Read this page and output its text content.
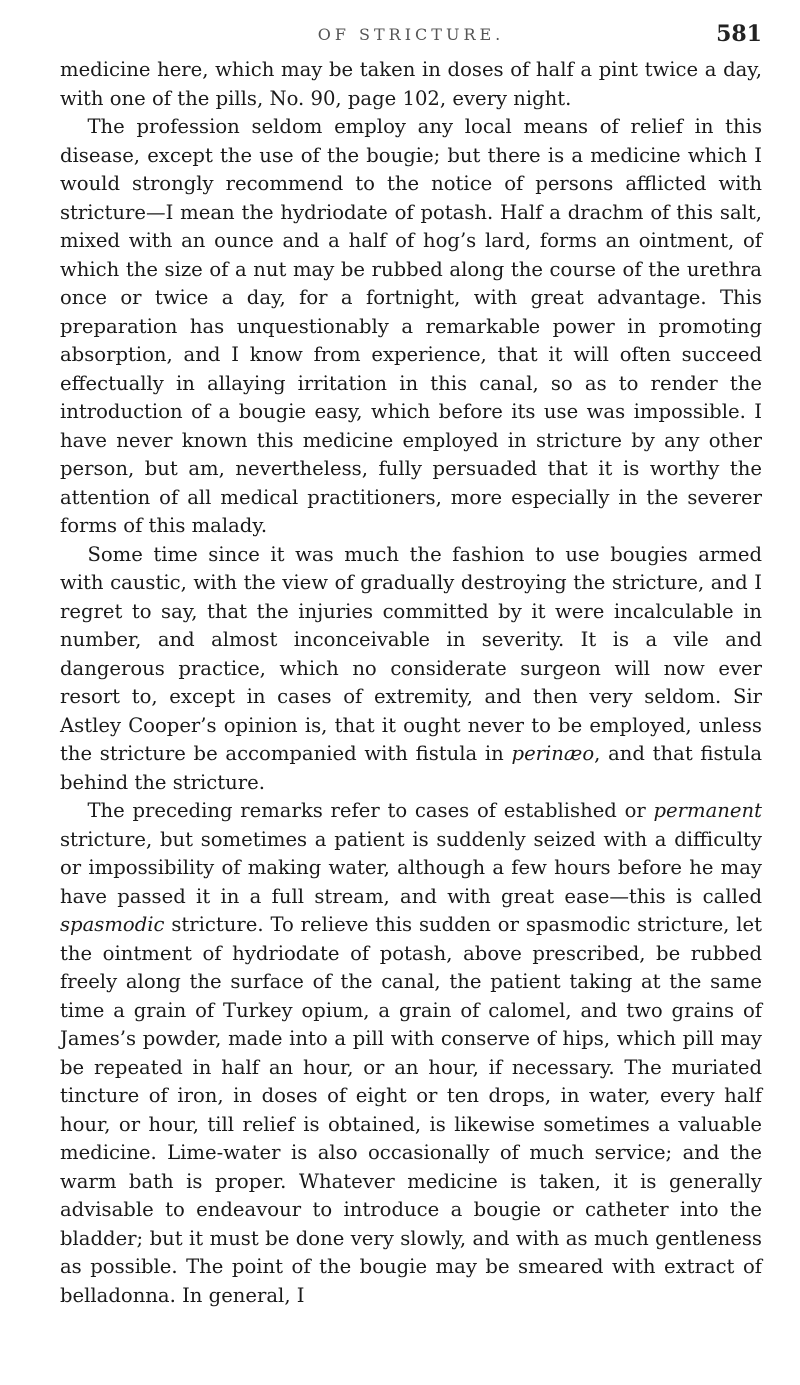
OF STRICTURE.	581

medicine here, which may be taken in doses of half a pint twice a day, with one of the pills, No. 90, page 102, every night.

The profession seldom employ any local means of relief in this disease, except the use of the bougie; but there is a medicine which I would strongly recommend to the notice of persons afflicted with stricture—I mean the hydriodate of potash. Half a drachm of this salt, mixed with an ounce and a half of hog’s lard, forms an ointment, of which the size of a nut may be rubbed along the course of the urethra once or twice a day, for a fortnight, with great advantage. This preparation has unquestionably a remarkable power in promoting absorption, and I know from experience, that it will often succeed effectually in allaying irritation in this canal, so as to render the introduction of a bougie easy, which before its use was impossible. I have never known this medicine employed in stricture by any other person, but am, nevertheless, fully persuaded that it is worthy the attention of all medical practitioners, more especially in the severer forms of this malady.

Some time since it was much the fashion to use bougies armed with caustic, with the view of gradually destroying the stricture, and I regret to say, that the injuries committed by it were incalculable in number, and almost inconceivable in severity. It is a vile and dangerous practice, which no considerate surgeon will now ever resort to, except in cases of extremity, and then very seldom. Sir Astley Cooper’s opinion is, that it ought never to be employed, unless the stricture be accompanied with fistula in perinæo, and that fistula behind the stricture.

The preceding remarks refer to cases of established or permanent stricture, but sometimes a patient is suddenly seized with a difficulty or impossibility of making water, although a few hours before he may have passed it in a full stream, and with great ease—this is called spasmodic stricture. To relieve this sudden or spasmodic stricture, let the ointment of hydriodate of potash, above prescribed, be rubbed freely along the surface of the canal, the patient taking at the same time a grain of Turkey opium, a grain of calomel, and two grains of James’s powder, made into a pill with conserve of hips, which pill may be repeated in half an hour, or an hour, if necessary. The muriated tincture of iron, in doses of eight or ten drops, in water, every half hour, or hour, till relief is obtained, is likewise sometimes a valuable medicine. Lime-water is also occasionally of much service; and the warm bath is proper. Whatever medicine is taken, it is generally advisable to endeavour to introduce a bougie or catheter into the bladder; but it must be done very slowly, and with as much gentleness as possible. The point of the bougie may be smeared with extract of belladonna. In general, I
